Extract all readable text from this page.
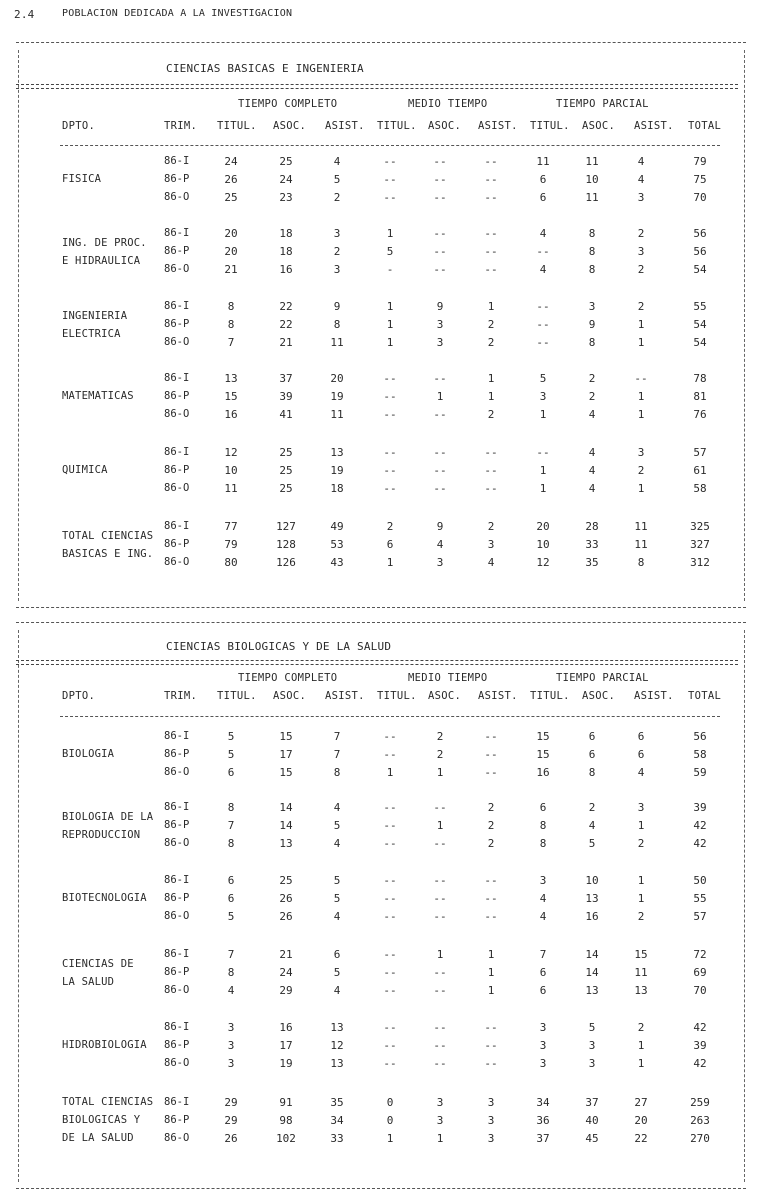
2.4	POBLACION DEDICADA A LA INVESTIGACION
CIENCIAS BASICAS E INGENIERIA
TIEMPO COMPLETO	MEDIO TIEMPO	TIEMPO PARCIAL
DPTO.	TRIM. TITUL. ASOC. ASIST. TITUL. ASOC. ASIST. TITUL. ASOC. ASIST. TOTAL
FISICA
86-I	24	25	4	--	--	--	11	11	4	79
86-P	26	24	5	--	--	--	6	10	4	75
86-O	25	23	2	--	--	--	6	11	3	70
ING. DE PROC.
E HIDRAULICA
86-I	20	18	3	1	--	--	4	8	2	56
86-P	20	18	2	5	--	--	--	8	3	56
86-O	21	16	3	-	--	--	4	8	2	54
INGENIERIA
ELECTRICA
86-I	8	22	9	1	9	1	--	3	2	55
86-P	8	22	8	1	3	2	--	9	1	54
86-O	7	21	11	1	3	2	--	8	1	54
MATEMATICAS
86-I	13	37	20	--	--	1	5	2	--	78
86-P	15	39	19	--	1	1	3	2	1	81
86-O	16	41	11	--	--	2	1	4	1	76
QUIMICA
86-I	12	25	13	--	--	--	--	4	3	57
86-P	10	25	19	--	--	--	1	4	2	61
86-O	11	25	18	--	--	--	1	4	1	58
TOTAL CIENCIAS
BASICAS E ING.
86-I	77	127	49	2	9	2	20	28	11	325
86-P	79	128	53	6	4	3	10	33	11	327
86-O	80	126	43	1	3	4	12	35	8	312
CIENCIAS BIOLOGICAS Y DE LA SALUD
TIEMPO COMPLETO	MEDIO TIEMPO	TIEMPO PARCIAL
DPTO.	TRIM. TITUL. ASOC. ASIST. TITUL. ASOC. ASIST. TITUL. ASOC. ASIST. TOTAL
BIOLOGIA
86-I	5	15	7	--	2	--	15	6	6	56
86-P	5	17	7	--	2	--	15	6	6	58
86-O	6	15	8	1	1	--	16	8	4	59
BIOLOGIA DE LA
REPRODUCCION
86-I	8	14	4	--	--	2	6	2	3	39
86-P	7	14	5	--	1	2	8	4	1	42
86-O	8	13	4	--	--	2	8	5	2	42
BIOTECNOLOGIA
86-I	6	25	5	--	--	--	3	10	1	50
86-P	6	26	5	--	--	--	4	13	1	55
86-O	5	26	4	--	--	--	4	16	2	57
CIENCIAS DE
LA SALUD
86-I	7	21	6	--	1	1	7	14	15	72
86-P	8	24	5	--	--	1	6	14	11	69
86-O	4	29	4	--	--	1	6	13	13	70
HIDROBIOLOGIA
86-I	3	16	13	--	--	--	3	5	2	42
86-P	3	17	12	--	--	--	3	3	1	39
86-O	3	19	13	--	--	--	3	3	1	42
TOTAL CIENCIAS
BIOLOGICAS Y
DE LA SALUD
86-I	29	91	35	0	3	3	34	37	27	259
86-P	29	98	34	0	3	3	36	40	20	263
86-O	26	102	33	1	1	3	37	45	22	270
